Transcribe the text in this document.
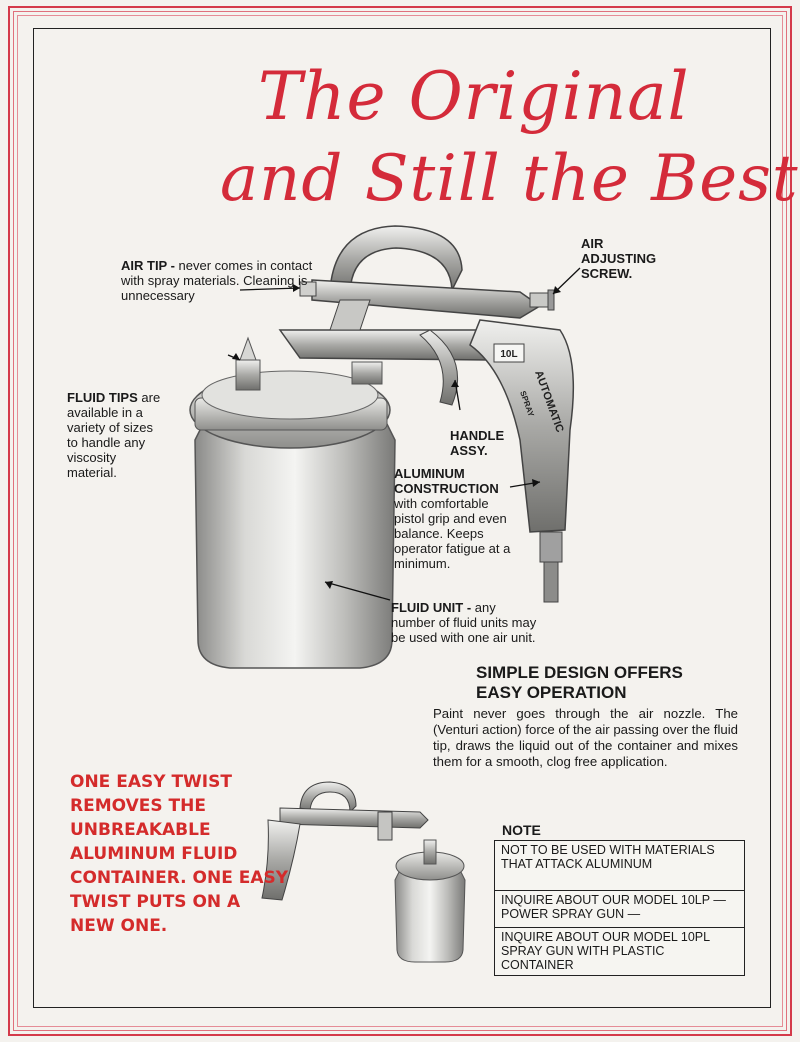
The Original
and Still the Best
10L
AUTOMATIC
SPRAY
AIR TIP - never comes in contact with spray materials. Cleaning is unnecessary
AIR ADJUSTING SCREW.
FLUID TIPS are available in a variety of sizes to handle any viscosity material.
HANDLE ASSY.
ALUMINUM CONSTRUCTION
with comfortable pistol grip and even balance. Keeps operator fatigue at a minimum.
FLUID UNIT - any number of fluid units may be used with one air unit.
SIMPLE DESIGN OFFERS
EASY OPERATION
Paint never goes through the air nozzle. The (Venturi action) force of the air passing over the fluid tip, draws the liquid out of the container and mixes them for a smooth, clog free application.
ONE EASY TWIST REMOVES THE UNBREAKABLE ALUMINUM FLUID CONTAINER. ONE EASY TWIST PUTS ON A NEW ONE.
NOTE
NOT TO BE USED WITH MATERIALS THAT ATTACK ALUMINUM
INQUIRE ABOUT OUR MODEL 10LP — POWER SPRAY GUN —
INQUIRE ABOUT OUR MODEL 10PL SPRAY GUN WITH PLASTIC CONTAINER
